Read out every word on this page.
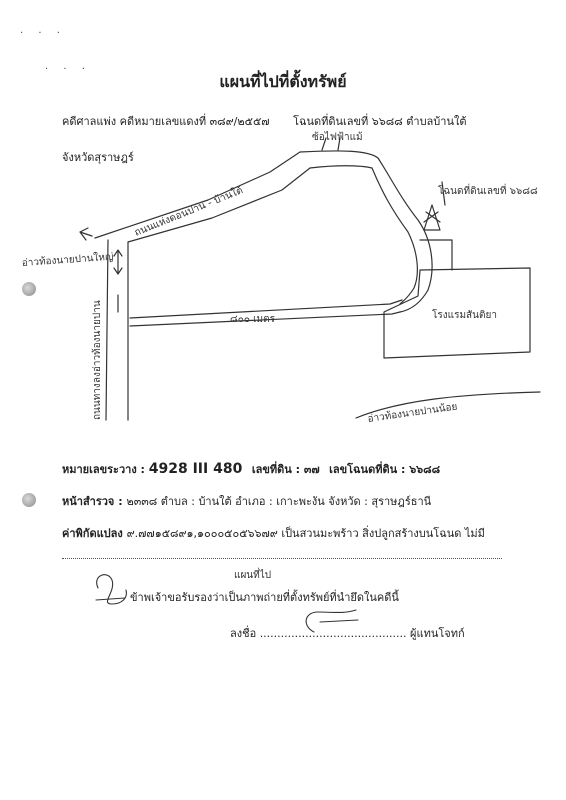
· · ·
· · ·
แผนที่ไปที่ตั้งทรัพย์
คดีศาลแพ่ง คดีหมายเลขแดงที่ ๓๘๙/๒๕๕๗ โฉนดที่ดินเลขที่ ๖๖๘๘ ตำบลบ้านใต้
จังหวัดสุราษฎร์
ถนนแห่งดอนปาน - บ้านใต้
อ่าวท้องนายปานใหญ่
ซ้อไฟฟ้าแม้
โฉนดที่ดินเลขที่ ๖๖๘๘
๘๐๐ เมตร	โรงแรมสันติยา
อ่าวท้องนายปานน้อย
ถนนทางลงอ่าวท้องนายปาน
หมายเลขระวาง : 4928 III 480 เลขที่ดิน : ๓๗ เลขโฉนดที่ดิน : ๖๖๘๘
หน้าสำรวจ : ๒๓๓๘ ตำบล : บ้านใต้ อำเภอ : เกาะพะงัน จังหวัด : สุราษฎร์ธานี
ค่าพิกัดแปลง ๙.๗๗๑๕๘๙๑,๑๐๐๐๕๐๕๖๖๗๙ เป็นสวนมะพร้าว สิ่งปลูกสร้างบนโฉนด ไม่มี
แผนที่ไป
ข้าพเจ้าขอรับรองว่าเป็นภาพถ่ายที่ตั้งทรัพย์ที่นำยึดในคดีนี้
ลงชื่อ .......................................... ผู้แทนโจทก์
